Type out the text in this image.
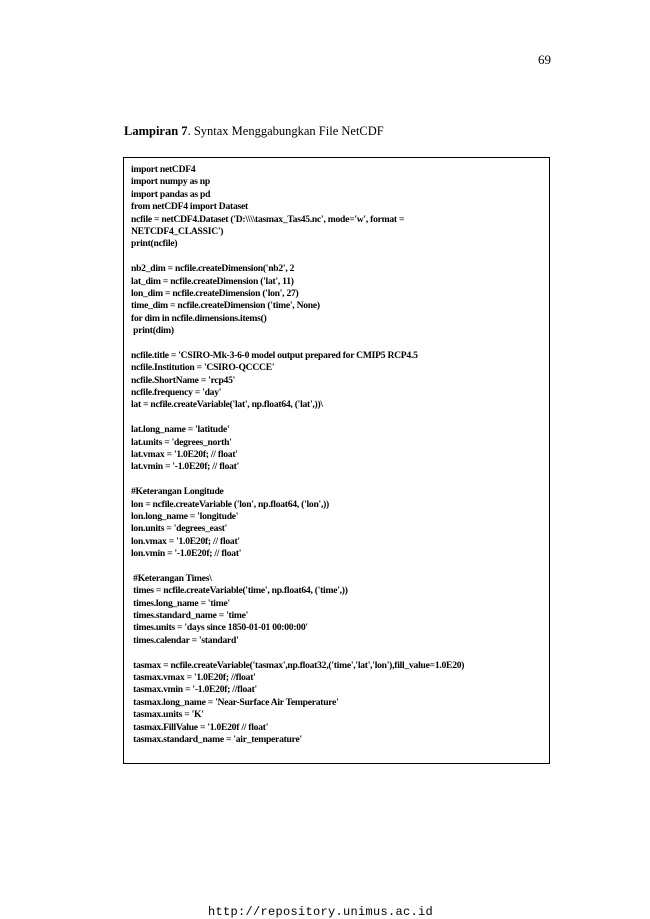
69
Lampiran 7. Syntax Menggabungkan File NetCDF
import netCDF4
import numpy as np
import pandas as pd
from netCDF4 import Dataset
ncfile = netCDF4.Dataset ('D:\\\\tasmax_Tas45.nc', mode='w', format =
NETCDF4_CLASSIC')
print(ncfile)
nb2_dim = ncfile.createDimension('nb2', 2
lat_dim = ncfile.createDimension ('lat', 11)
lon_dim = ncfile.createDimension ('lon', 27)
time_dim = ncfile.createDimension ('time', None)
for dim in ncfile.dimensions.items()
print(dim)
ncfile.title = 'CSIRO-Mk-3-6-0 model output prepared for CMIP5 RCP4.5
ncfile.Institution = 'CSIRO-QCCCE'
ncfile.ShortName = 'rcp45'
ncfile.frequency = 'day'
lat = ncfile.createVariable('lat', np.float64, ('lat',))\
lat.long_name = 'latitude'
lat.units = 'degrees_north'
lat.vmax = '1.0E20f; // float'
lat.vmin = '-1.0E20f; // float'
#Keterangan Longitude
lon = ncfile.createVariable ('lon', np.float64, ('lon',))
lon.long_name = 'longitude'
lon.units = 'degrees_east'
lon.vmax = '1.0E20f; // float'
lon.vmin = '-1.0E20f; // float'
#Keterangan Times\
times = ncfile.createVariable('time', np.float64, ('time',))
times.long_name = 'time'
times.standard_name = 'time'
times.units = 'days since 1850-01-01 00:00:00'
times.calendar = 'standard'
tasmax = ncfile.createVariable('tasmax',np.float32,('time','lat','lon'),fill_value=1.0E20)
tasmax.vmax = '1.0E20f; //float'
tasmax.vmin = '-1.0E20f; //float'
tasmax.long_name = 'Near-Surface Air Temperature'
tasmax.units = 'K'
tasmax.FillValue = '1.0E20f // float'
tasmax.standard_name = 'air_temperature'
http://repository.unimus.ac.id
